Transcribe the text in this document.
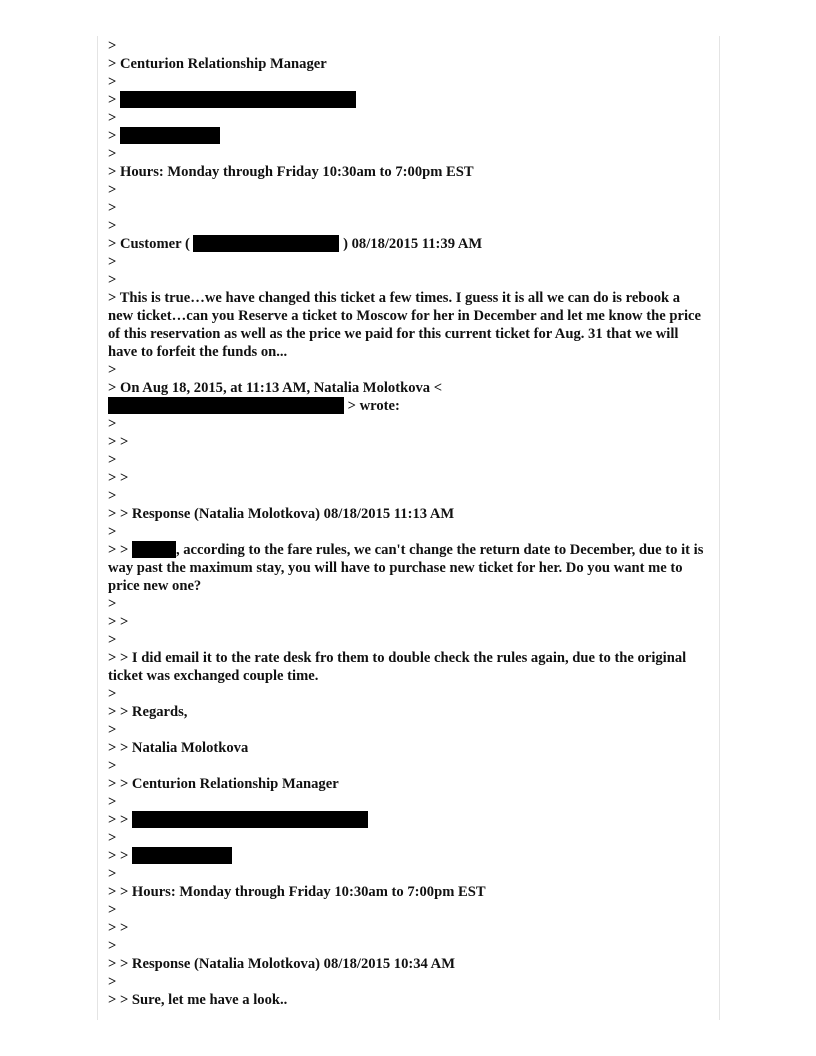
>
> Centurion Relationship Manager
>
>
>
>
>
> Hours: Monday through Friday 10:30am to 7:00pm EST
>
>
>
> Customer (	) 08/18/2015 11:39 AM
>
>
> This is true…we have changed this ticket a few times. I guess it is all we can do is rebook a new ticket…can you Reserve a ticket to Moscow for her in December and let me know the price of this reservation as well as the price we paid for this current ticket for Aug. 31 that we will have to forfeit the funds on...
>
> On Aug 18, 2015, at 11:13 AM, Natalia Molotkova <
> wrote:
>
> >
>
> >
>
> > Response (Natalia Molotkova) 08/18/2015 11:13 AM
>
> >	, according to the fare rules, we can't change the return date to December, due to it is way past the maximum stay, you will have to purchase new ticket for her. Do you want me to price new one?
>
> >
>
> > I did email it to the rate desk fro them to double check the rules again, due to the original ticket was exchanged couple time.
>
> > Regards,
>
> > Natalia Molotkova
>
> > Centurion Relationship Manager
>
> >
>
> >
>
> > Hours: Monday through Friday 10:30am to 7:00pm EST
>
> >
>
> > Response (Natalia Molotkova) 08/18/2015 10:34 AM
>
> > Sure, let me have a look..
